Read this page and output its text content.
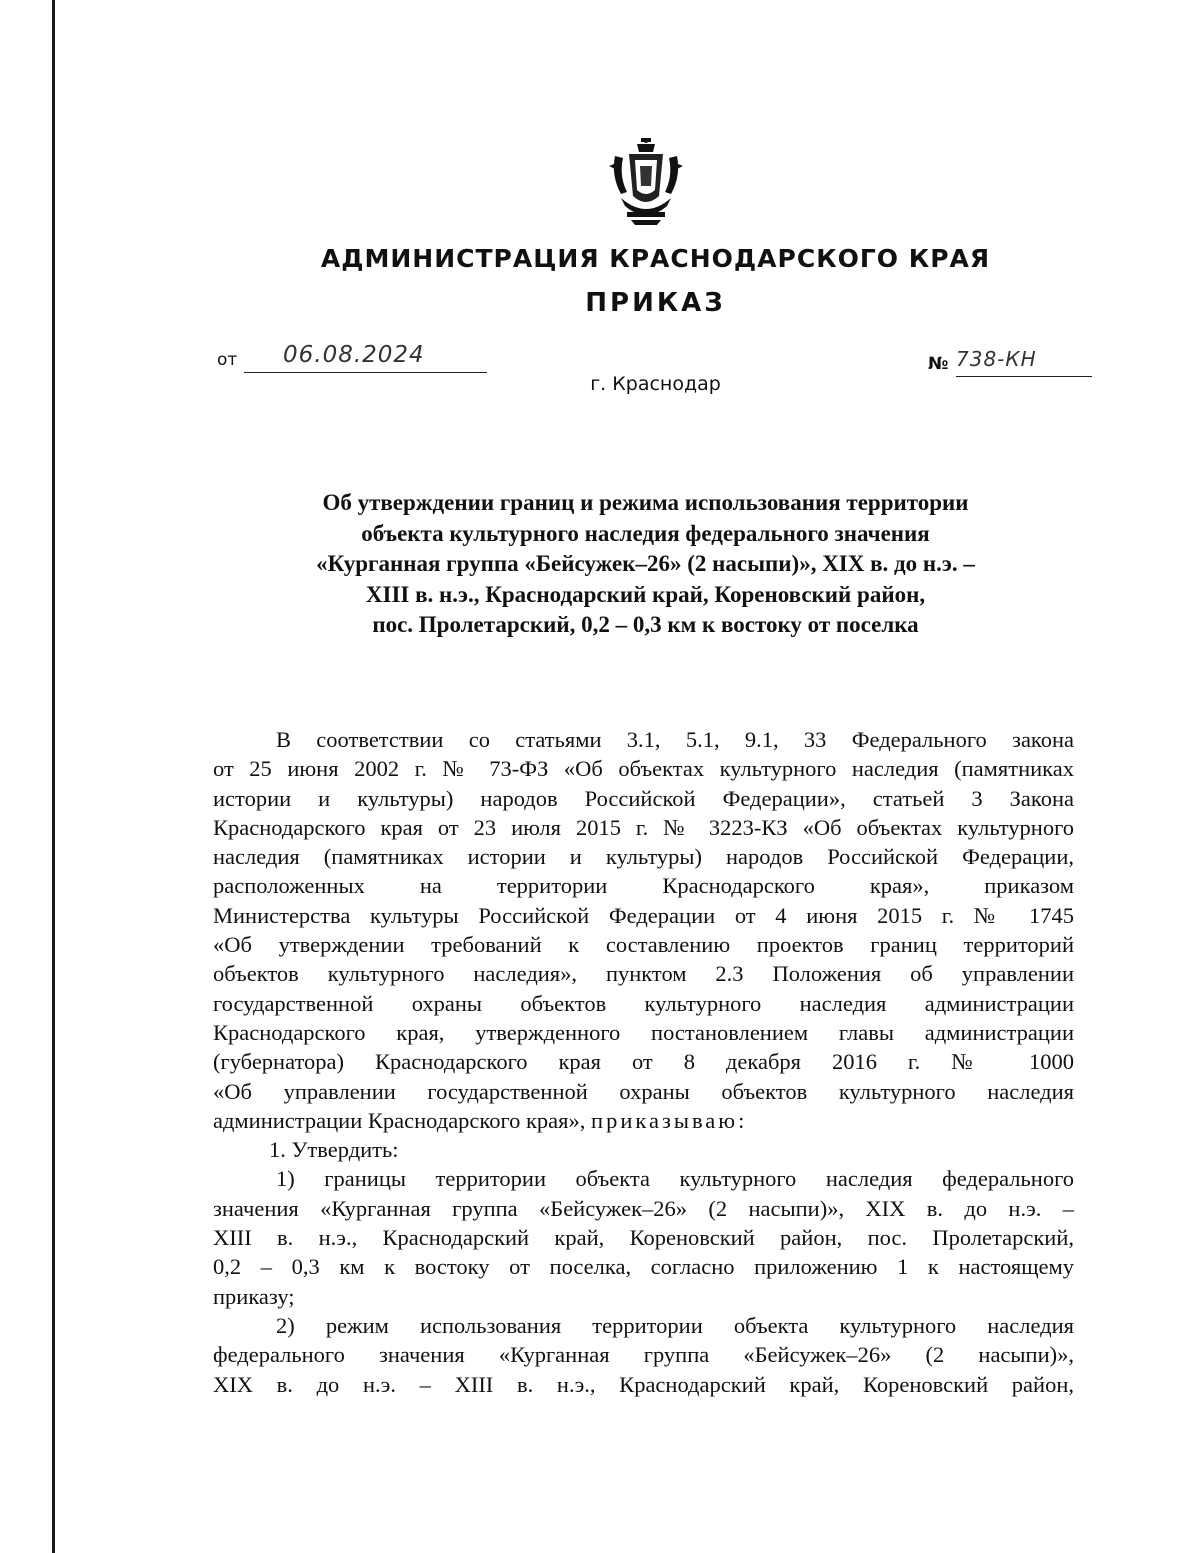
АДМИНИСТРАЦИЯ КРАСНОДАРСКОГО КРАЯ
ПРИКАЗ
от 06.08.2024	№ 738-КН
г. Краснодар
Об утверждении границ и режима использования территории
объекта культурного наследия федерального значения
«Курганная группа «Бейсужек–26» (2 насыпи)», XIX в. до н.э. –
XIII в. н.э., Краснодарский край, Кореновский район,
пос. Пролетарский, 0,2 – 0,3 км к востоку от поселка
В соответствии со статьями 3.1, 5.1, 9.1, 33 Федерального закона
от 25 июня 2002 г. № 73-ФЗ «Об объектах культурного наследия (памятниках
истории и культуры) народов Российской Федерации», статьей 3 Закона
Краснодарского края от 23 июля 2015 г. № 3223-КЗ «Об объектах культурного
наследия (памятниках истории и культуры) народов Российской Федерации,
расположенных на территории Краснодарского края», приказом
Министерства культуры Российской Федерации от 4 июня 2015 г. № 1745
«Об утверждении требований к составлению проектов границ территорий
объектов культурного наследия», пунктом 2.3 Положения об управлении
государственной охраны объектов культурного наследия администрации
Краснодарского края, утвержденного постановлением главы администрации
(губернатора) Краснодарского края от 8 декабря 2016 г. № 1000
«Об управлении государственной охраны объектов культурного наследия
администрации Краснодарского края», приказываю:
1. Утвердить:
1) границы территории объекта культурного наследия федерального
значения «Курганная группа «Бейсужек–26» (2 насыпи)», XIX в. до н.э. –
XIII в. н.э., Краснодарский край, Кореновский район, пос. Пролетарский,
0,2 – 0,3 км к востоку от поселка, согласно приложению 1 к настоящему
приказу;
2) режим использования территории объекта культурного наследия
федерального значения «Курганная группа «Бейсужек–26» (2 насыпи)»,
XIX в. до н.э. – XIII в. н.э., Краснодарский край, Кореновский район,
